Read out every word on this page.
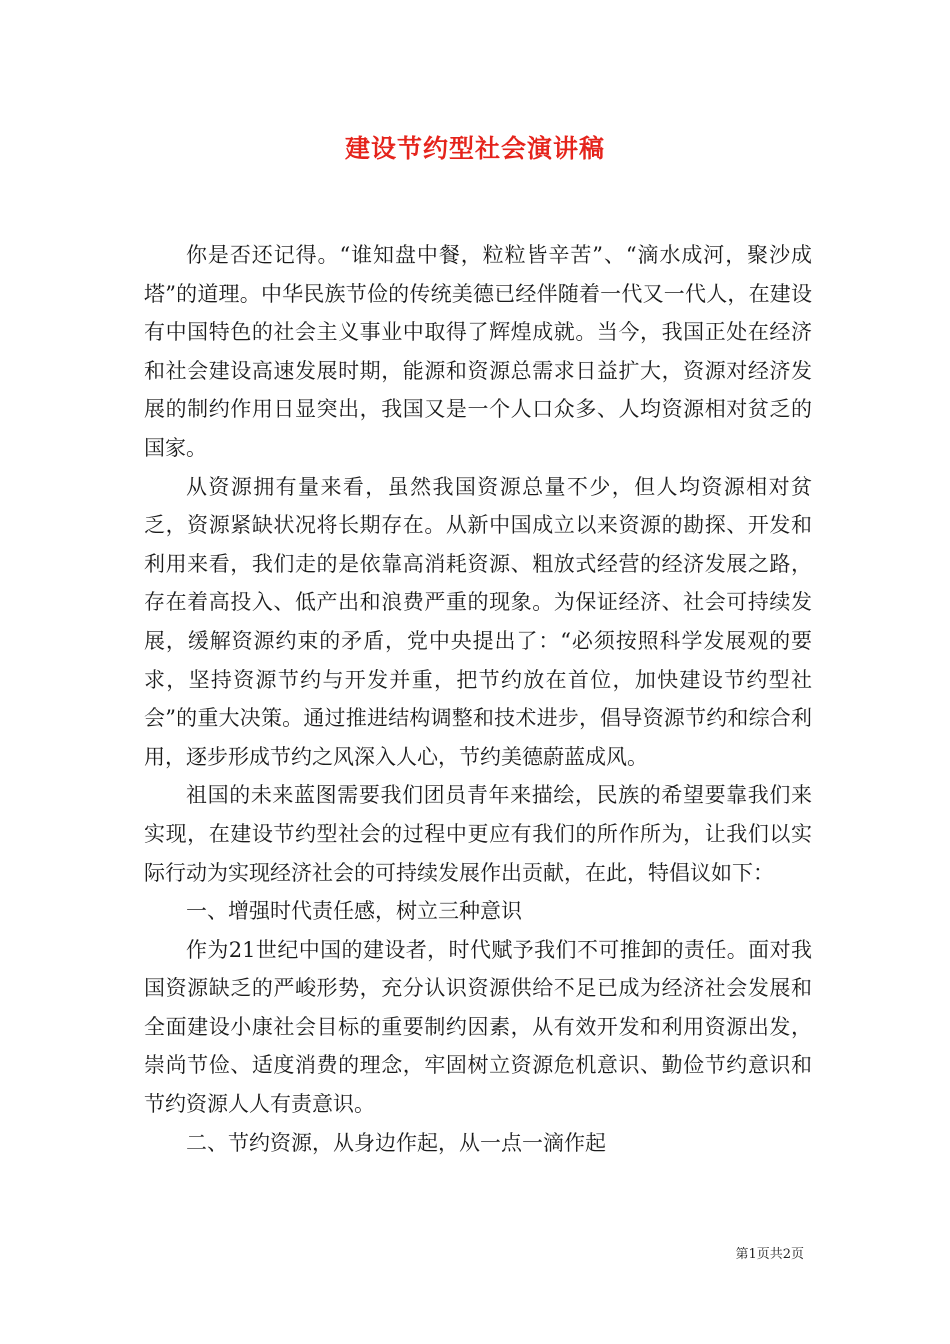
建设节约型社会演讲稿

你是否还记得。“谁知盘中餐，粒粒皆辛苦”、“滴水成河，聚沙成塔”的道理。中华民族节俭的传统美德已经伴随着一代又一代人，在建设有中国特色的社会主义事业中取得了辉煌成就。当今，我国正处在经济和社会建设高速发展时期，能源和资源总需求日益扩大，资源对经济发展的制约作用日显突出，我国又是一个人口众多、人均资源相对贫乏的国家。

从资源拥有量来看，虽然我国资源总量不少，但人均资源相对贫乏，资源紧缺状况将长期存在。从新中国成立以来资源的勘探、开发和利用来看，我们走的是依靠高消耗资源、粗放式经营的经济发展之路，存在着高投入、低产出和浪费严重的现象。为保证经济、社会可持续发展，缓解资源约束的矛盾，党中央提出了：“必须按照科学发展观的要求，坚持资源节约与开发并重，把节约放在首位，加快建设节约型社会”的重大决策。通过推进结构调整和技术进步，倡导资源节约和综合利用，逐步形成节约之风深入人心，节约美德蔚蓝成风。

祖国的未来蓝图需要我们团员青年来描绘，民族的希望要靠我们来实现，在建设节约型社会的过程中更应有我们的所作所为，让我们以实际行动为实现经济社会的可持续发展作出贡献，在此，特倡议如下：

一、增强时代责任感，树立三种意识

作为21世纪中国的建设者，时代赋予我们不可推卸的责任。面对我国资源缺乏的严峻形势，充分认识资源供给不足已成为经济社会发展和全面建设小康社会目标的重要制约因素，从有效开发和利用资源出发，崇尚节俭、适度消费的理念，牢固树立资源危机意识、勤俭节约意识和节约资源人人有责意识。

二、节约资源，从身边作起，从一点一滴作起

第1页共2页
